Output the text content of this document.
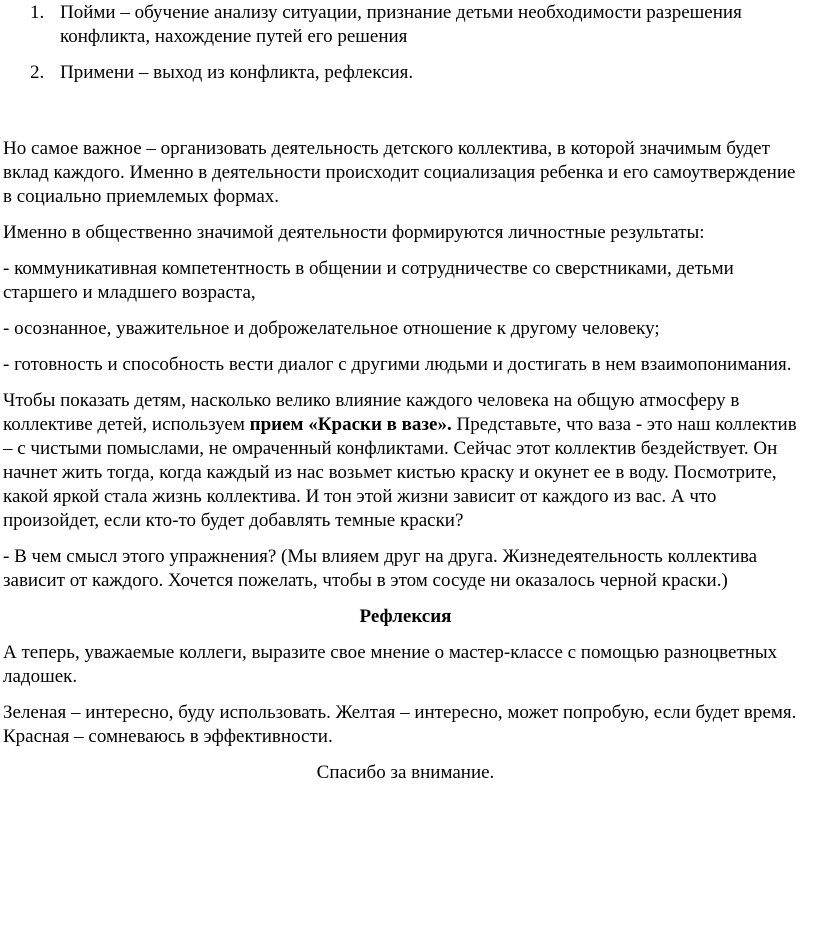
1. Пойми – обучение анализу ситуации, признание детьми необходимости разрешения конфликта, нахождение путей его решения
2. Примени – выход из конфликта, рефлексия.

Но самое важное – организовать деятельность детского коллектива, в которой значимым будет вклад каждого. Именно в деятельности происходит социализация ребенка и его самоутверждение в социально приемлемых формах.

Именно в общественно значимой деятельности формируются личностные результаты:

- коммуникативная компетентность в общении и сотрудничестве со сверстниками, детьми старшего и младшего возраста,

- осознанное, уважительное и доброжелательное отношение к другому человеку;

- готовность и способность вести диалог с другими людьми и достигать в нем взаимопонимания.

Чтобы показать детям, насколько велико влияние каждого человека на общую атмосферу в коллективе детей, используем прием «Краски в вазе». Представьте, что ваза - это наш коллектив – с чистыми помыслами, не омраченный конфликтами. Сейчас этот коллектив бездействует. Он начнет жить тогда, когда каждый из нас возьмет кистью краску и окунет ее в воду. Посмотрите, какой яркой стала жизнь коллектива. И тон этой жизни зависит от каждого из вас. А что произойдет, если кто-то будет добавлять темные краски?

- В чем смысл этого упражнения? (Мы влияем друг на друга. Жизнедеятельность коллектива зависит от каждого. Хочется пожелать, чтобы в этом сосуде ни оказалось черной краски.)

Рефлексия

А теперь, уважаемые коллеги, выразите свое мнение о мастер-классе с помощью разноцветных ладошек.

Зеленая – интересно, буду использовать. Желтая – интересно, может попробую, если будет время. Красная – сомневаюсь в эффективности.

Спасибо за внимание.
